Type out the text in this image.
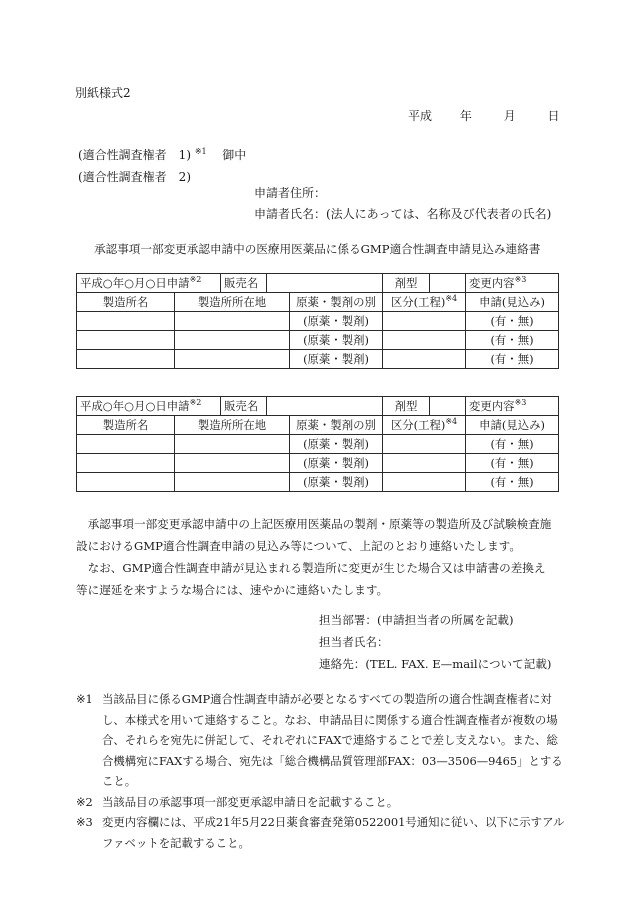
別紙様式2
平成 年	月	日
(適合性調査権者　1) $^{※1}$ 御中
(適合性調査権者　2)
申請者住所：
申請者氏名：(法人にあっては、名称及び代表者の氏名)
承認事項一部変更承認申請中の医療用医薬品に係るGMP適合性調査申請見込み連絡書
平成○年○月○日申請$^{※2}$	販売名		剤型		変更内容$^{※3}$
製造所名	製造所所在地	原薬・製剤の別	区分(工程)$^{※4}$	申請(見込み)
		(原薬・製剤)		(有・無)
		(原薬・製剤)		(有・無)
		(原薬・製剤)		(有・無)
平成○年○月○日申請$^{※2}$	販売名		剤型		変更内容$^{※3}$
製造所名	製造所所在地	原薬・製剤の別	区分(工程)$^{※4}$	申請(見込み)
		(原薬・製剤)		(有・無)
		(原薬・製剤)		(有・無)
		(原薬・製剤)		(有・無)
承認事項一部変更承認申請中の上記医療用医薬品の製剤・原薬等の製造所及び試験検査施設におけるGMP適合性調査申請の見込み等について、上記のとおり連絡いたします。
なお、GMP適合性調査申請が見込まれる製造所に変更が生じた場合又は申請書の差換え等に遅延を来すような場合には、速やかに連絡いたします。
担当部署：(申請担当者の所属を記載)
担当者氏名：
連絡先：(TEL. FAX. E—mailについて記載)
※1 当該品目に係るGMP適合性調査申請が必要となるすべての製造所の適合性調査権者に対し、本様式を用いて連絡すること。なお、申請品目に関係する適合性調査権者が複数の場合、それらを宛先に併記して、それぞれにFAXで連絡することで差し支えない。また、総合機構宛にFAXする場合、宛先は「総合機構品質管理部FAX：03—3506—9465」とすること。
※2 当該品目の承認事項一部変更承認申請日を記載すること。
※3 変更内容欄には、平成21年5月22日薬食審査発第0522001号通知に従い、以下に示すアルファベットを記載すること。
